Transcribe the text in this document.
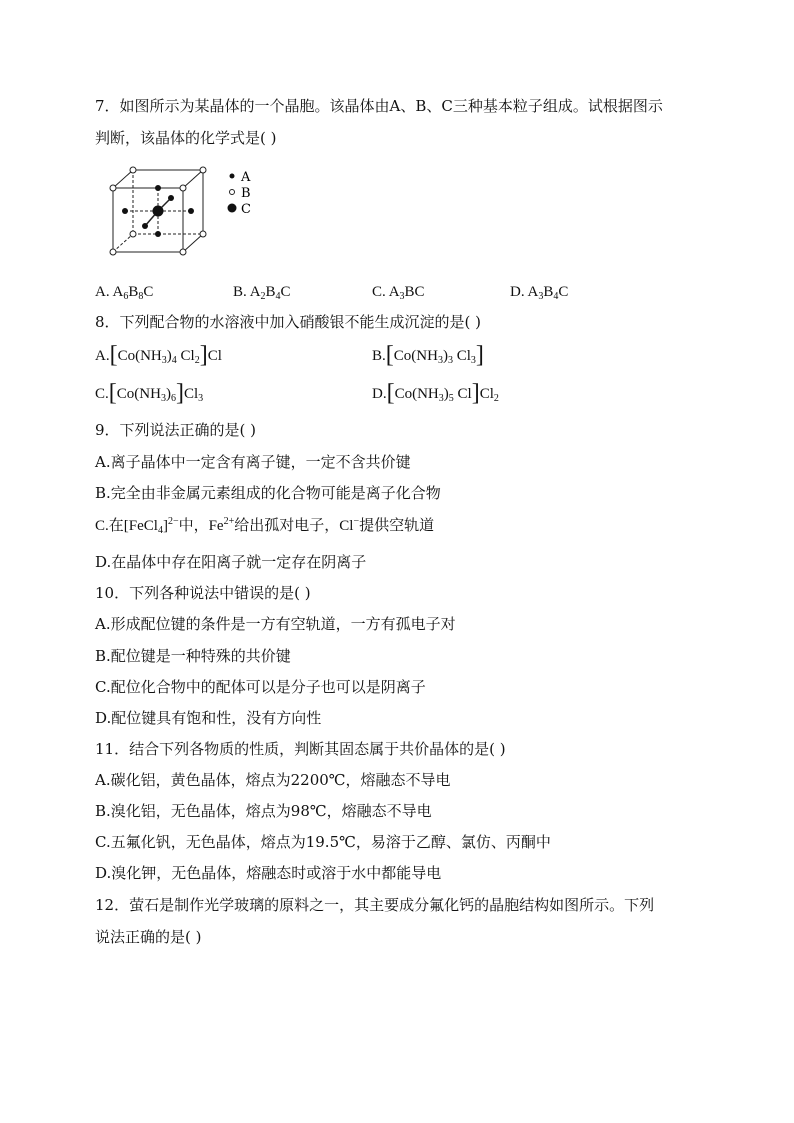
7．如图所示为某晶体的一个晶胞。该晶体由A、B、C三种基本粒子组成。试根据图示
判断，该晶体的化学式是( )
A
B
C
A. $A_6B_8C$	B. $A_2B_4C$	C. $A_3BC$	D. $A_3B_4C$
8．下列配合物的水溶液中加入硝酸银不能生成沉淀的是( )
$A.[Co(NH_3)_4$ $Cl_2]Cl$	$B.[Co(NH_3)_3$ $Cl_3$]
$C.[Co(NH_3)_6]Cl_3$	$D.[Co(NH_3)_5$ $Cl]Cl_2$
9．下列说法正确的是( )
A.离子晶体中一定含有离子键，一定不含共价键
B.完全由非金属元素组成的化合物可能是离子化合物
C.在[FeCl$_4$]$^{2-}$中，$Fe^{2+}$给出孤对电子，Cl−提供空轨道
D.在晶体中存在阳离子就一定存在阴离子
10．下列各种说法中错误的是( )
A.形成配位键的条件是一方有空轨道，一方有孤电子对
B.配位键是一种特殊的共价键
C.配位化合物中的配体可以是分子也可以是阴离子
D.配位键具有饱和性，没有方向性
11．结合下列各物质的性质，判断其固态属于共价晶体的是( )
A.碳化铝，黄色晶体，熔点为2200℃，熔融态不导电
B.溴化铝，无色晶体，熔点为98℃，熔融态不导电
C.五氟化钒，无色晶体，熔点为19.5℃，易溶于乙醇、氯仿、丙酮中
D.溴化钾，无色晶体，熔融态时或溶于水中都能导电
12．萤石是制作光学玻璃的原料之一，其主要成分氟化钙的晶胞结构如图所示。下列
说法正确的是( )
